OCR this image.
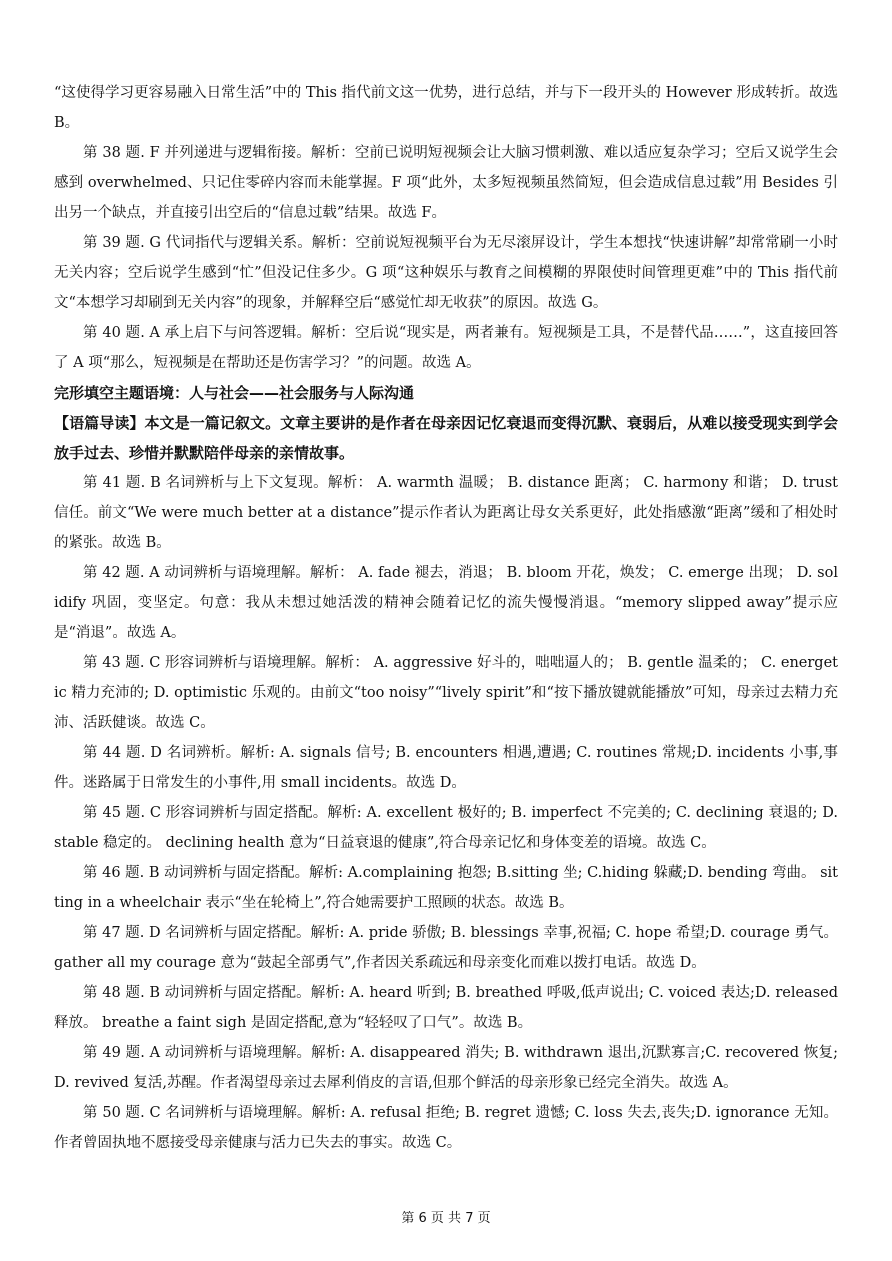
“这使得学习更容易融入日常生活”中的 This 指代前文这一优势，进行总结，并与下一段开头的 However 形成转折。故选 B。

第 38 题. F 并列递进与逻辑衔接。解析：空前已说明短视频会让大脑习惯刺激、难以适应复杂学习；空后又说学生会感到 overwhelmed、只记住零碎内容而未能掌握。F 项“此外，太多短视频虽然简短，但会造成信息过载”用 Besides 引出另一个缺点，并直接引出空后的“信息过载”结果。故选 F。

第 39 题. G 代词指代与逻辑关系。解析：空前说短视频平台为无尽滚屏设计，学生本想找“快速讲解”却常常刷一小时无关内容；空后说学生感到“忙”但没记住多少。G 项“这种娱乐与教育之间模糊的界限使时间管理更难”中的 This 指代前文“本想学习却刷到无关内容”的现象，并解释空后“感觉忙却无收获”的原因。故选 G。

第 40 题. A 承上启下与问答逻辑。解析：空后说“现实是，两者兼有。短视频是工具，不是替代品……”，这直接回答了 A 项“那么，短视频是在帮助还是伤害学习？”的问题。故选 A。

完形填空主题语境：人与社会——社会服务与人际沟通

【语篇导读】本文是一篇记叙文。文章主要讲的是作者在母亲因记忆衰退而变得沉默、衰弱后，从难以接受现实到学会放手过去、珍惜并默默陪伴母亲的亲情故事。

第 41 题. B 名词辨析与上下文复现。解析： A. warmth 温暖； B. distance 距离； C. harmony 和谐； D. trust 信任。前文“We were much better at a distance”提示作者认为距离让母女关系更好，此处指感激“距离”缓和了相处时的紧张。故选 B。

第 42 题. A 动词辨析与语境理解。解析： A. fade 褪去，消退； B. bloom 开花，焕发； C. emerge 出现； D. solidify 巩固，变坚定。句意：我从未想过她活泼的精神会随着记忆的流失慢慢消退。“memory slipped away”提示应是“消退”。故选 A。

第 43 题. C 形容词辨析与语境理解。解析： A. aggressive 好斗的，咄咄逼人的； B. gentle 温柔的； C. energetic 精力充沛的; D. optimistic 乐观的。由前文“too noisy”“lively spirit”和“按下播放键就能播放”可知，母亲过去精力充沛、活跃健谈。故选 C。

第 44 题. D 名词辨析。解析: A. signals 信号; B. encounters 相遇,遭遇; C. routines 常规;D. incidents 小事,事件。迷路属于日常发生的小事件,用 small incidents。故选 D。

第 45 题. C 形容词辨析与固定搭配。解析: A. excellent 极好的; B. imperfect 不完美的; C. declining 衰退的; D. stable 稳定的。 declining health 意为“日益衰退的健康”,符合母亲记忆和身体变差的语境。故选 C。

第 46 题. B 动词辨析与固定搭配。解析: A.complaining 抱怨; B.sitting 坐; C.hiding 躲藏;D. bending 弯曲。 sitting in a wheelchair 表示“坐在轮椅上”,符合她需要护工照顾的状态。故选 B。

第 47 题. D 名词辨析与固定搭配。解析: A. pride 骄傲; B. blessings 幸事,祝福; C. hope 希望;D. courage 勇气。 gather all my courage 意为“鼓起全部勇气”,作者因关系疏远和母亲变化而难以拨打电话。故选 D。

第 48 题. B 动词辨析与固定搭配。解析: A. heard 听到; B. breathed 呼吸,低声说出; C. voiced 表达;D. released 释放。 breathe a faint sigh 是固定搭配,意为“轻轻叹了口气”。故选 B。

第 49 题. A 动词辨析与语境理解。解析: A. disappeared 消失; B. withdrawn 退出,沉默寡言;C. recovered 恢复; D. revived 复活,苏醒。作者渴望母亲过去犀利俏皮的言语,但那个鲜活的母亲形象已经完全消失。故选 A。

第 50 题. C 名词辨析与语境理解。解析: A. refusal 拒绝; B. regret 遗憾; C. loss 失去,丧失;D. ignorance 无知。作者曾固执地不愿接受母亲健康与活力已失去的事实。故选 C。

第 6 页 共 7 页
